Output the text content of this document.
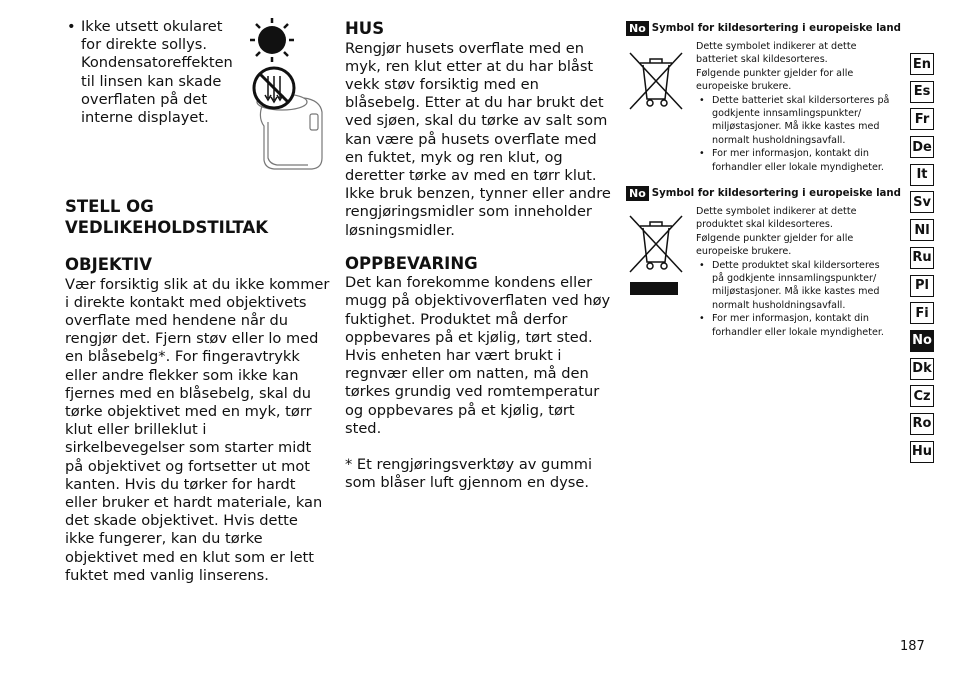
• Ikke utsett okularet for direkte sollys. Kondensatoreffekten til linsen kan skade overflaten på det interne displayet.
STELL OG VEDLIKEHOLDSTILTAK
OBJEKTIV
Vær forsiktig slik at du ikke kommer i direkte kontakt med objektivets overflate med hendene når du rengjør det. Fjern støv eller lo med en blåsebelg*. For fingeravtrykk eller andre flekker som ikke kan fjernes med en blåsebelg, skal du tørke objektivet med en myk, tørr klut eller brilleklut i sirkelbevegelser som starter midt på objektivet og fortsetter ut mot kanten. Hvis du tørker for hardt eller bruker et hardt materiale, kan det skade objektivet. Hvis dette ikke fungerer, kan du tørke objektivet med en klut som er lett fuktet med vanlig linserens.
HUS
Rengjør husets overflate med en myk, ren klut etter at du har blåst vekk støv forsiktig med en blåsebelg. Etter at du har brukt det ved sjøen, skal du tørke av salt som kan være på husets overflate med en fuktet, myk og ren klut, og deretter tørke av med en tørr klut. Ikke bruk benzen, tynner eller andre rengjøringsmidler som inneholder løsningsmidler.
OPPBEVARING
Det kan forekomme kondens eller mugg på objektivoverflaten ved høy fuktighet. Produktet må derfor oppbevares på et kjølig, tørt sted. Hvis enheten har vært brukt i regnvær eller om natten, må den tørkes grundig ved romtemperatur og oppbevares på et kjølig, tørt sted.
* Et rengjøringsverktøy av gummi som blåser luft gjennom en dyse.
No Symbol for kildesortering i europeiske land
Dette symbolet indikerer at dette batteriet skal kildesorteres.
Følgende punkter gjelder for alle europeiske brukere.
• Dette batteriet skal kildersorteres på godkjente innsamlingspunkter/ miljøstasjoner. Må ikke kastes med normalt husholdningsavfall.
• For mer informasjon, kontakt din forhandler eller lokale myndigheter.
No Symbol for kildesortering i europeiske land
Dette symbolet indikerer at dette produktet skal kildesorteres.
Følgende punkter gjelder for alle europeiske brukere.
• Dette produktet skal kildersorteres på godkjente innsamlingspunkter/ miljøstasjoner. Må ikke kastes med normalt husholdningsavfall.
• For mer informasjon, kontakt din forhandler eller lokale myndigheter.
En
Es
Fr
De
It
Sv
Nl
Ru
Pl
Fi
No
Dk
Cz
Ro
Hu
187
